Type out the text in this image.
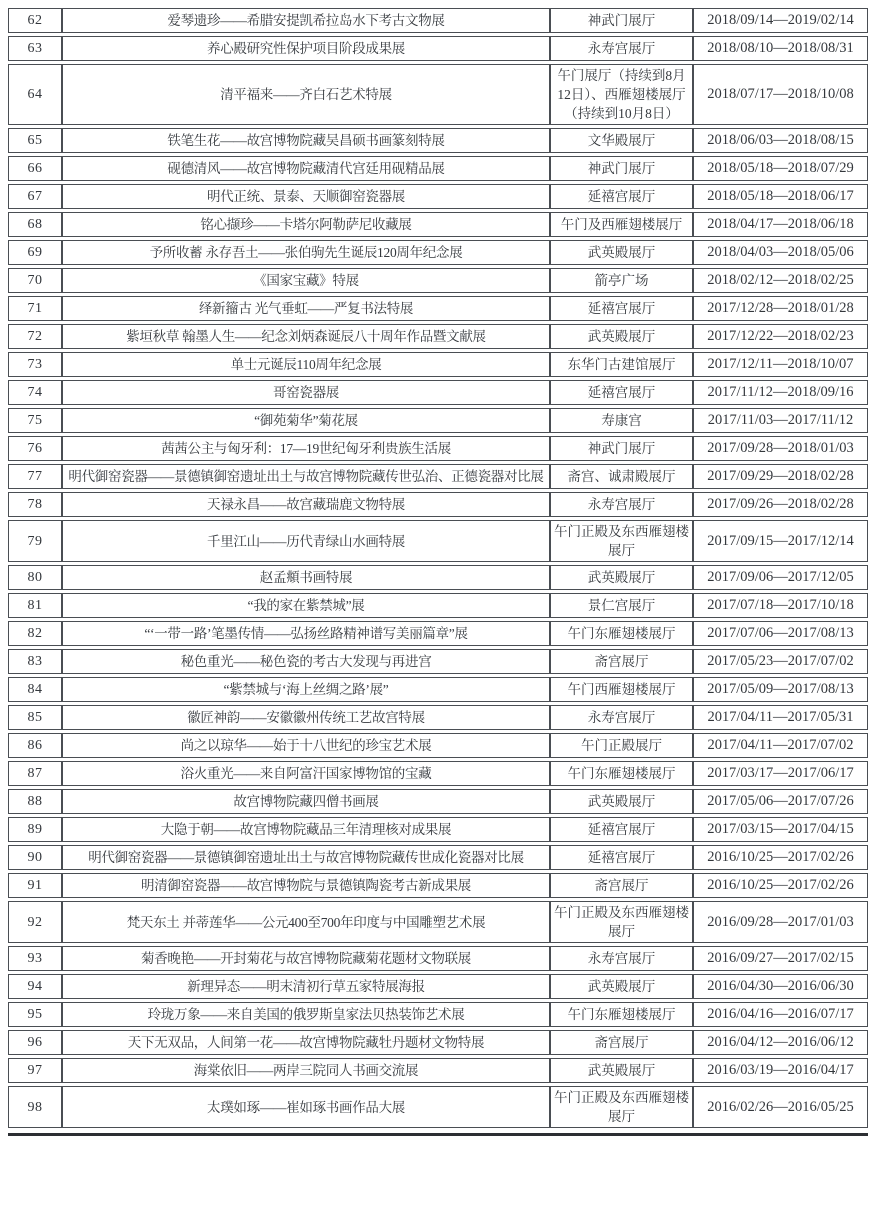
62	爱琴遗珍——希腊安提凯希拉岛水下考古文物展	神武门展厅	2018/09/14—2019/02/14
63	养心殿研究性保护项目阶段成果展	永寿宫展厅	2018/08/10—2018/08/31
64	清平福来——齐白石艺术特展	午门展厅（持续到8月12日）、西雁翅楼展厅（持续到10月8日）	2018/07/17—2018/10/08
65	铁笔生花——故宫博物院藏吴昌硕书画篆刻特展	文华殿展厅	2018/06/03—2018/08/15
66	砚德清风——故宫博物院藏清代宫廷用砚精品展	神武门展厅	2018/05/18—2018/07/29
67	明代正统、景泰、天顺御窑瓷器展	延禧宫展厅	2018/05/18—2018/06/17
68	铭心撷珍——卡塔尔阿勒萨尼收藏展	午门及西雁翅楼展厅	2018/04/17—2018/06/18
69	予所收蓄 永存吾土——张伯驹先生诞辰120周年纪念展	武英殿展厅	2018/04/03—2018/05/06
70	《国家宝藏》特展	箭亭广场	2018/02/12—2018/02/25
71	绎新籀古 光气垂虹——严复书法特展	延禧宫展厅	2017/12/28—2018/01/28
72	紫垣秋草 翰墨人生——纪念刘炳森诞辰八十周年作品暨文献展	武英殿展厅	2017/12/22—2018/02/23
73	单士元诞辰110周年纪念展	东华门古建馆展厅	2017/12/11—2018/10/07
74	哥窑瓷器展	延禧宫展厅	2017/11/12—2018/09/16
75	“御苑菊华”菊花展	寿康宫	2017/11/03—2017/11/12
76	茜茜公主与匈牙利：17—19世纪匈牙利贵族生活展	神武门展厅	2017/09/28—2018/01/03
77	明代御窑瓷器——景德镇御窑遗址出土与故宫博物院藏传世弘治、正德瓷器对比展	斋宫、诚肃殿展厅	2017/09/29—2018/02/28
78	天禄永昌——故宫藏瑞鹿文物特展	永寿宫展厅	2017/09/26—2018/02/28
79	千里江山——历代青绿山水画特展	午门正殿及东西雁翅楼展厅	2017/09/15—2017/12/14
80	赵孟頫书画特展	武英殿展厅	2017/09/06—2017/12/05
81	“我的家在紫禁城”展	景仁宫展厅	2017/07/18—2017/10/18
82	“‘一带一路’笔墨传情——弘扬丝路精神谱写美丽篇章”展	午门东雁翅楼展厅	2017/07/06—2017/08/13
83	秘色重光——秘色瓷的考古大发现与再进宫	斋宫展厅	2017/05/23—2017/07/02
84	“紫禁城与‘海上丝绸之路’展”	午门西雁翅楼展厅	2017/05/09—2017/08/13
85	徽匠神韵——安徽徽州传统工艺故宫特展	永寿宫展厅	2017/04/11—2017/05/31
86	尚之以琼华——始于十八世纪的珍宝艺术展	午门正殿展厅	2017/04/11—2017/07/02
87	浴火重光——来自阿富汗国家博物馆的宝藏	午门东雁翅楼展厅	2017/03/17—2017/06/17
88	故宫博物院藏四僧书画展	武英殿展厅	2017/05/06—2017/07/26
89	大隐于朝——故宫博物院藏品三年清理核对成果展	延禧宫展厅	2017/03/15—2017/04/15
90	明代御窑瓷器——景德镇御窑遗址出土与故宫博物院藏传世成化瓷器对比展	延禧宫展厅	2016/10/25—2017/02/26
91	明清御窑瓷器——故宫博物院与景德镇陶瓷考古新成果展	斋宫展厅	2016/10/25—2017/02/26
92	梵天东土 并蒂莲华——公元400至700年印度与中国雕塑艺术展	午门正殿及东西雁翅楼展厅	2016/09/28—2017/01/03
93	菊香晚艳——开封菊花与故宫博物院藏菊花题材文物联展	永寿宫展厅	2016/09/27—2017/02/15
94	新理异态——明末清初行草五家特展海报	武英殿展厅	2016/04/30—2016/06/30
95	玲珑万象——来自美国的俄罗斯皇家法贝热装饰艺术展	午门东雁翅楼展厅	2016/04/16—2016/07/17
96	天下无双品，人间第一花——故宫博物院藏牡丹题材文物特展	斋宫展厅	2016/04/12—2016/06/12
97	海棠依旧——两岸三院同人书画交流展	武英殿展厅	2016/03/19—2016/04/17
98	太璞如琢——崔如琢书画作品大展	午门正殿及东西雁翅楼展厅	2016/02/26—2016/05/25
